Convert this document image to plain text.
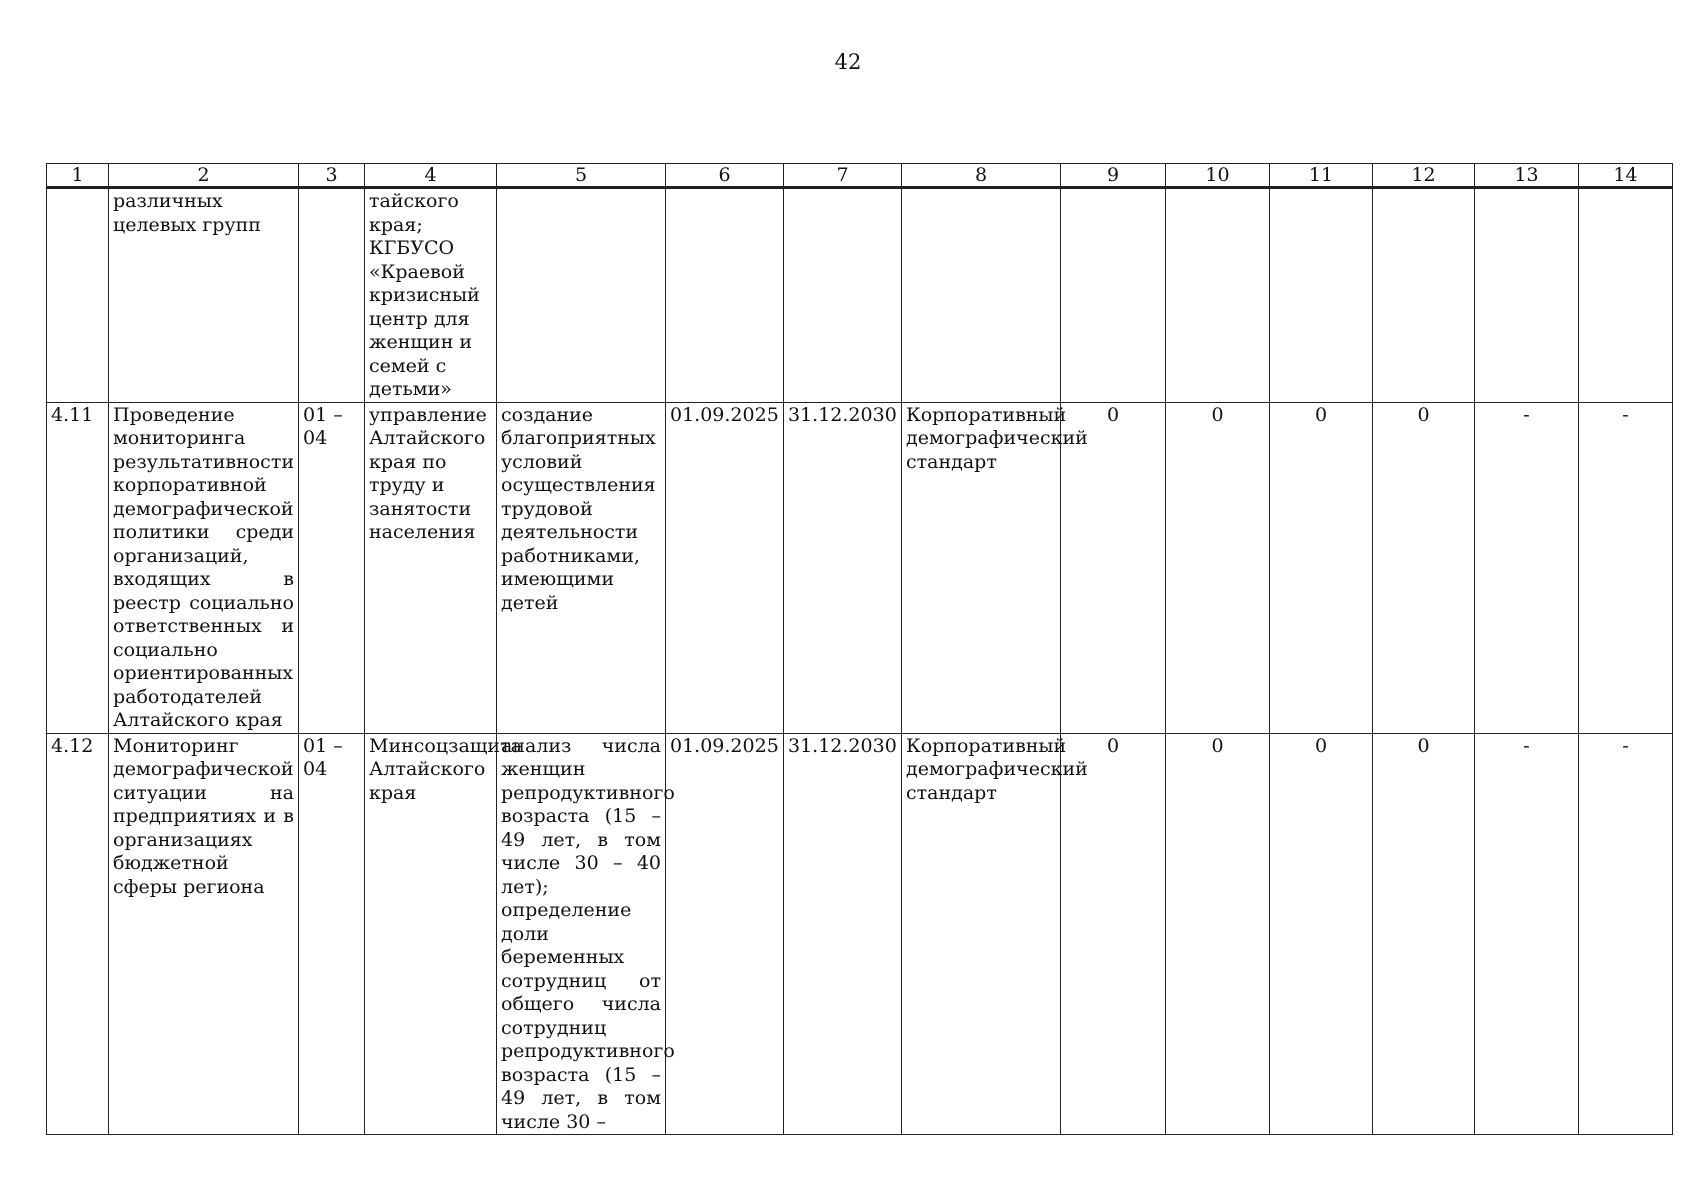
42
1	2	3	4	5	6	7	8	9	10	11	12	13	14
	различных целевых групп		тайского края; КГБУСО «Краевой кризисный центр для женщин и семей с детьми»										
4.11	Проведение мониторинга результативности корпоративной демографической политики среди организаций, входящих в реестр социально ответственных и социально ориентированных работодателей Алтайского края	01 – 04	управление Алтайского края по труду и занятости населения	создание благоприятных условий осуществления трудовой деятельности работниками, имеющими детей	01.09.2025	31.12.2030	Корпоративный демографический стандарт	0	0	0	0	-	-
4.12	Мониторинг демографической ситуации на предприятиях и в организациях бюджетной сферы региона	01 – 04	Минсоцзащита Алтайского края	анализ числа женщин репродуктивного возраста (15 – 49 лет, в том числе 30 – 40 лет); определение доли беременных сотрудниц от общего числа сотрудниц репродуктивного возраста (15 – 49 лет, в том числе 30 –	01.09.2025	31.12.2030	Корпоративный демографический стандарт	0	0	0	0	-	-
